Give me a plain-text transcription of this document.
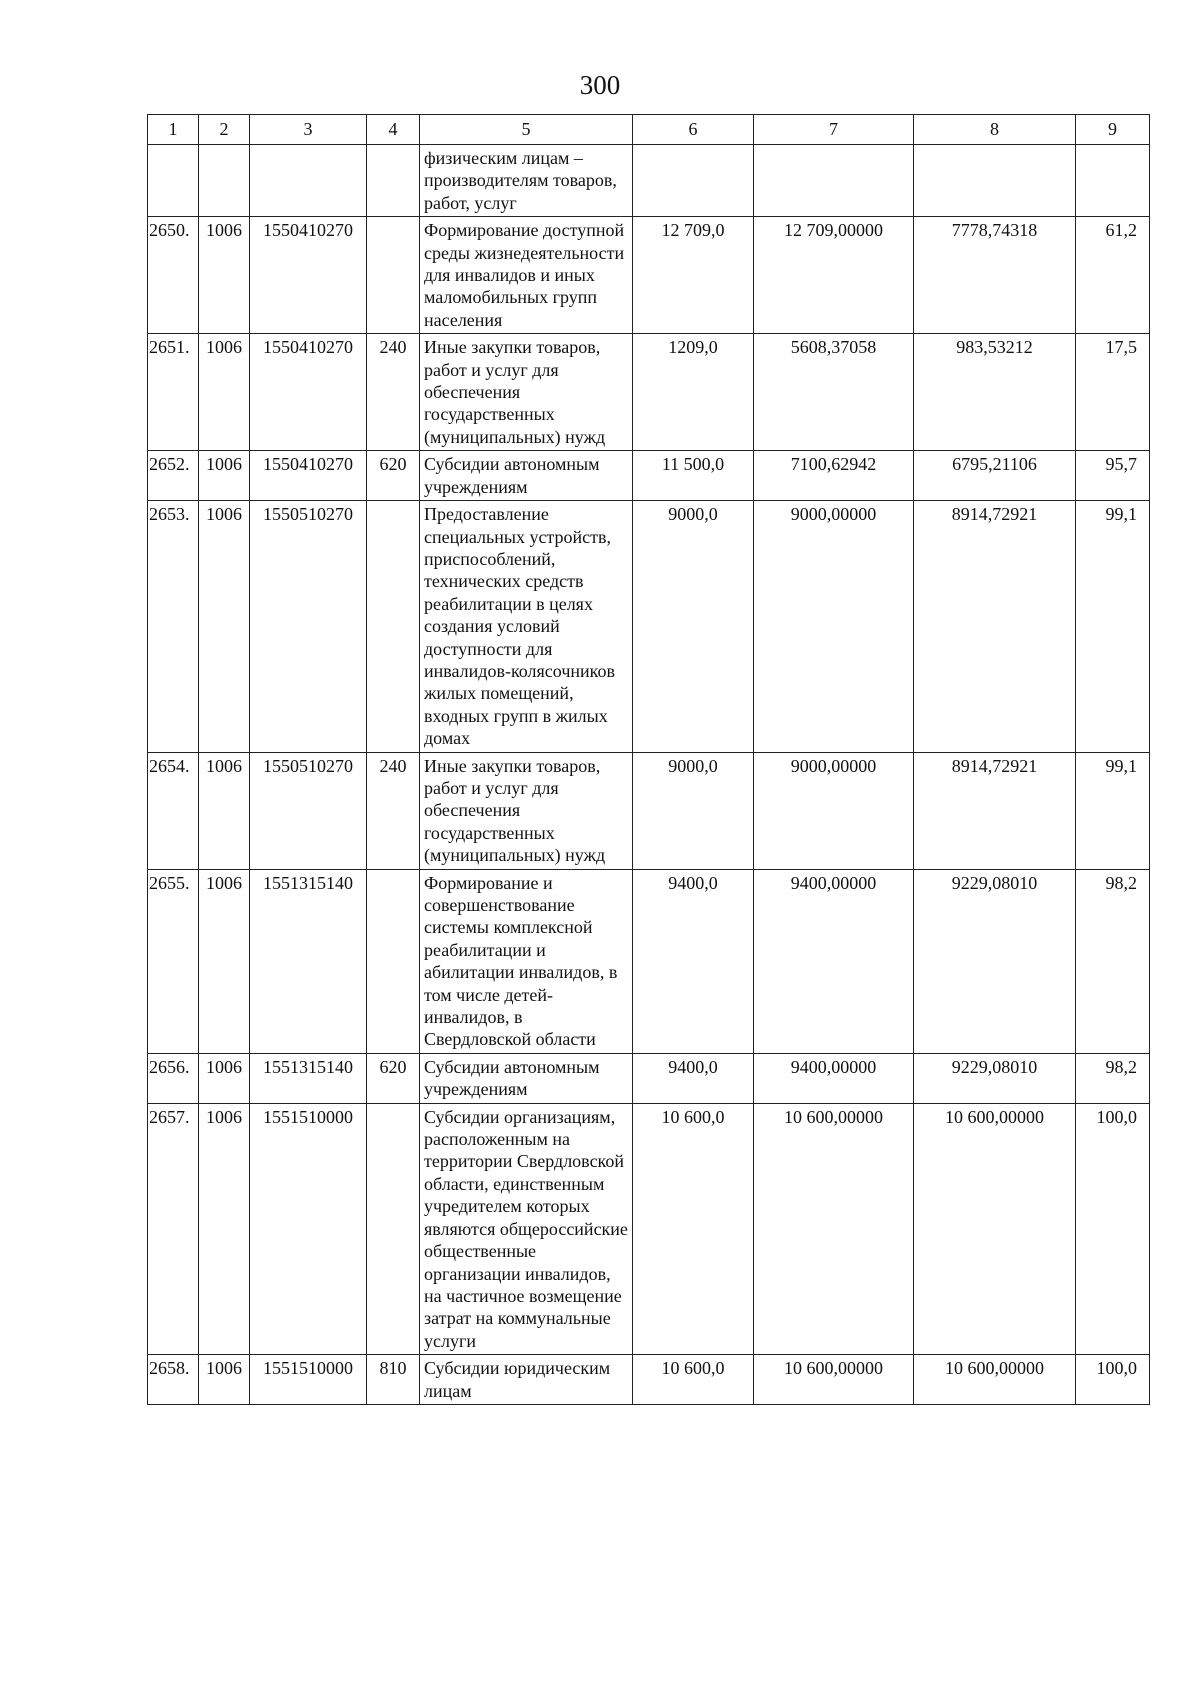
300
1	2	3	4	5	6	7	8	9
				физическим лицам – производителям товаров, работ, услуг				
2650.	1006	1550410270		Формирование доступной среды жизнедеятельности для инвалидов и иных маломобильных групп населения	12 709,0	12 709,00000	7778,74318	61,2
2651.	1006	1550410270	240	Иные закупки товаров, работ и услуг для обеспечения государственных (муниципальных) нужд	1209,0	5608,37058	983,53212	17,5
2652.	1006	1550410270	620	Субсидии автономным учреждениям	11 500,0	7100,62942	6795,21106	95,7
2653.	1006	1550510270		Предоставление специальных устройств, приспособлений, технических средств реабилитации в целях создания условий доступности для инвалидов-колясочников жилых помещений, входных групп в жилых домах	9000,0	9000,00000	8914,72921	99,1
2654.	1006	1550510270	240	Иные закупки товаров, работ и услуг для обеспечения государственных (муниципальных) нужд	9000,0	9000,00000	8914,72921	99,1
2655.	1006	1551315140		Формирование и совершенствование системы комплексной реабилитации и абилитации инвалидов, в том числе детей-инвалидов, в Свердловской области	9400,0	9400,00000	9229,08010	98,2
2656.	1006	1551315140	620	Субсидии автономным учреждениям	9400,0	9400,00000	9229,08010	98,2
2657.	1006	1551510000		Субсидии организациям, расположенным на территории Свердловской области, единственным учредителем которых являются общероссийские общественные организации инвалидов, на частичное возмещение затрат на коммунальные услуги	10 600,0	10 600,00000	10 600,00000	100,0
2658.	1006	1551510000	810	Субсидии юридическим лицам	10 600,0	10 600,00000	10 600,00000	100,0
